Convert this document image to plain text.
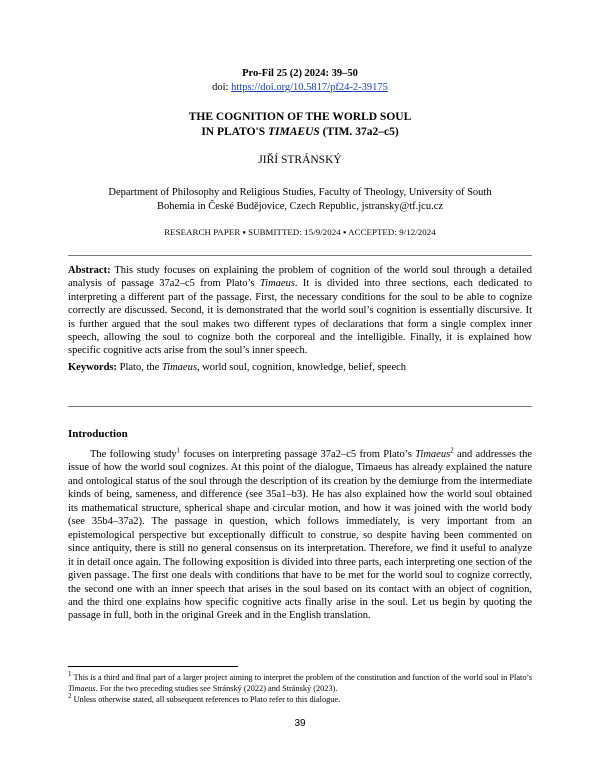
Pro-Fil 25 (2) 2024: 39–50
doi: https://doi.org/10.5817/pf24-2-39175
THE COGNITION OF THE WORLD SOUL
IN PLATO'S TIMAEUS (TIM. 37a2–c5)
JIŘÍ STRÁNSKÝ
Department of Philosophy and Religious Studies, Faculty of Theology, University of South
Bohemia in České Budějovice, Czech Republic, jstransky@tf.jcu.cz
RESEARCH PAPER ▪ SUBMITTED: 15/9/2024 ▪ ACCEPTED: 9/12/2024

Abstract: This study focuses on explaining the problem of cognition of the world soul through a detailed analysis of passage 37a2–c5 from Plato’s Timaeus. It is divided into three sections, each dedicated to interpreting a different part of the passage. First, the necessary conditions for the soul to be able to cognize correctly are discussed. Second, it is demonstrated that the world soul’s cognition is essentially discursive. It is further argued that the soul makes two different types of declarations that form a single complex inner speech, allowing the soul to cognize both the corporeal and the intelligible. Finally, it is explained how specific cognitive acts arise from the soul’s inner speech.

Keywords: Plato, the Timaeus, world soul, cognition, knowledge, belief, speech

Introduction

The following study$^1$ focuses on interpreting passage 37a2–c5 from Plato’s Timaeus$^2$ and addresses the issue of how the world soul cognizes. At this point of the dialogue, Timaeus has already explained the nature and ontological status of the soul through the description of its creation by the demiurge from the intermediate kinds of being, sameness, and difference (see 35a1–b3). He has also explained how the world soul obtained its mathematical structure, spherical shape and circular motion, and how it was joined with the world body (see 35b4–37a2). The passage in question, which follows immediately, is very important from an epistemological perspective but exceptionally difficult to construe, so despite having been commented on since antiquity, there is still no general consensus on its interpretation. Therefore, we find it useful to analyze it in detail once again. The following exposition is divided into three parts, each interpreting one section of the given passage. The first one deals with conditions that have to be met for the world soul to cognize correctly, the second one with an inner speech that arises in the soul based on its contact with an object of cognition, and the third one explains how specific cognitive acts finally arise in the soul. Let us begin by quoting the passage in full, both in the original Greek and in the English translation.

$^1$ This is a third and final part of a larger project aiming to interpret the problem of the constitution and function of the world soul in Plato’s Timaeus. For the two preceding studies see Stránský (2022) and Stránský (2023).

$^2$ Unless otherwise stated, all subsequent references to Plato refer to this dialogue.

39
